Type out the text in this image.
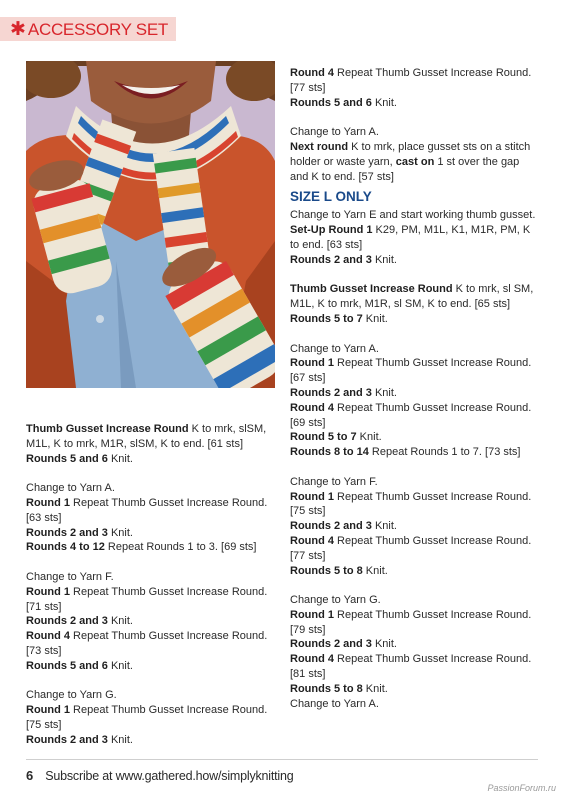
✱ ACCESSORY SET

Thumb Gusset Increase Round K to mrk, slSM, M1L, K to mrk, M1R, slSM, K to end. [61 sts]

Rounds 5 and 6 Knit.

Change to Yarn A.

Round 1 Repeat Thumb Gusset Increase Round. [63 sts]

Rounds 2 and 3 Knit.

Rounds 4 to 12 Repeat Rounds 1 to 3. [69 sts]

Change to Yarn F.

Round 1 Repeat Thumb Gusset Increase Round. [71 sts]

Rounds 2 and 3 Knit.

Round 4 Repeat Thumb Gusset Increase Round. [73 sts]

Rounds 5 and 6 Knit.

Change to Yarn G.

Round 1 Repeat Thumb Gusset Increase Round. [75 sts]

Rounds 2 and 3 Knit.

Round 4 Repeat Thumb Gusset Increase Round. [77 sts]

Rounds 5 and 6 Knit.

Change to Yarn A.

Next round K to mrk, place gusset sts on a stitch holder or waste yarn, cast on 1 st over the gap and K to end. [57 sts]

SIZE L ONLY

Change to Yarn E and start working thumb gusset.

Set-Up Round 1 K29, PM, M1L, K1, M1R, PM, K to end. [63 sts]

Rounds 2 and 3 Knit.

Thumb Gusset Increase Round K to mrk, sl SM, M1L, K to mrk, M1R, sl SM, K to end. [65 sts]

Rounds 5 to 7 Knit.

Change to Yarn A.

Round 1 Repeat Thumb Gusset Increase Round. [67 sts]

Rounds 2 and 3 Knit.

Round 4 Repeat Thumb Gusset Increase Round. [69 sts]

Round 5 to 7 Knit.

Rounds 8 to 14 Repeat Rounds 1 to 7. [73 sts]

Change to Yarn F.

Round 1 Repeat Thumb Gusset Increase Round. [75 sts]

Rounds 2 and 3 Knit.

Round 4 Repeat Thumb Gusset Increase Round. [77 sts]

Rounds 5 to 8 Knit.

Change to Yarn G.

Round 1 Repeat Thumb Gusset Increase Round. [79 sts]

Rounds 2 and 3 Knit.

Round 4 Repeat Thumb Gusset Increase Round. [81 sts]

Rounds 5 to 8 Knit.

Change to Yarn A.

6 Subscribe at www.gathered.how/simplyknitting
PassionForum.ru
